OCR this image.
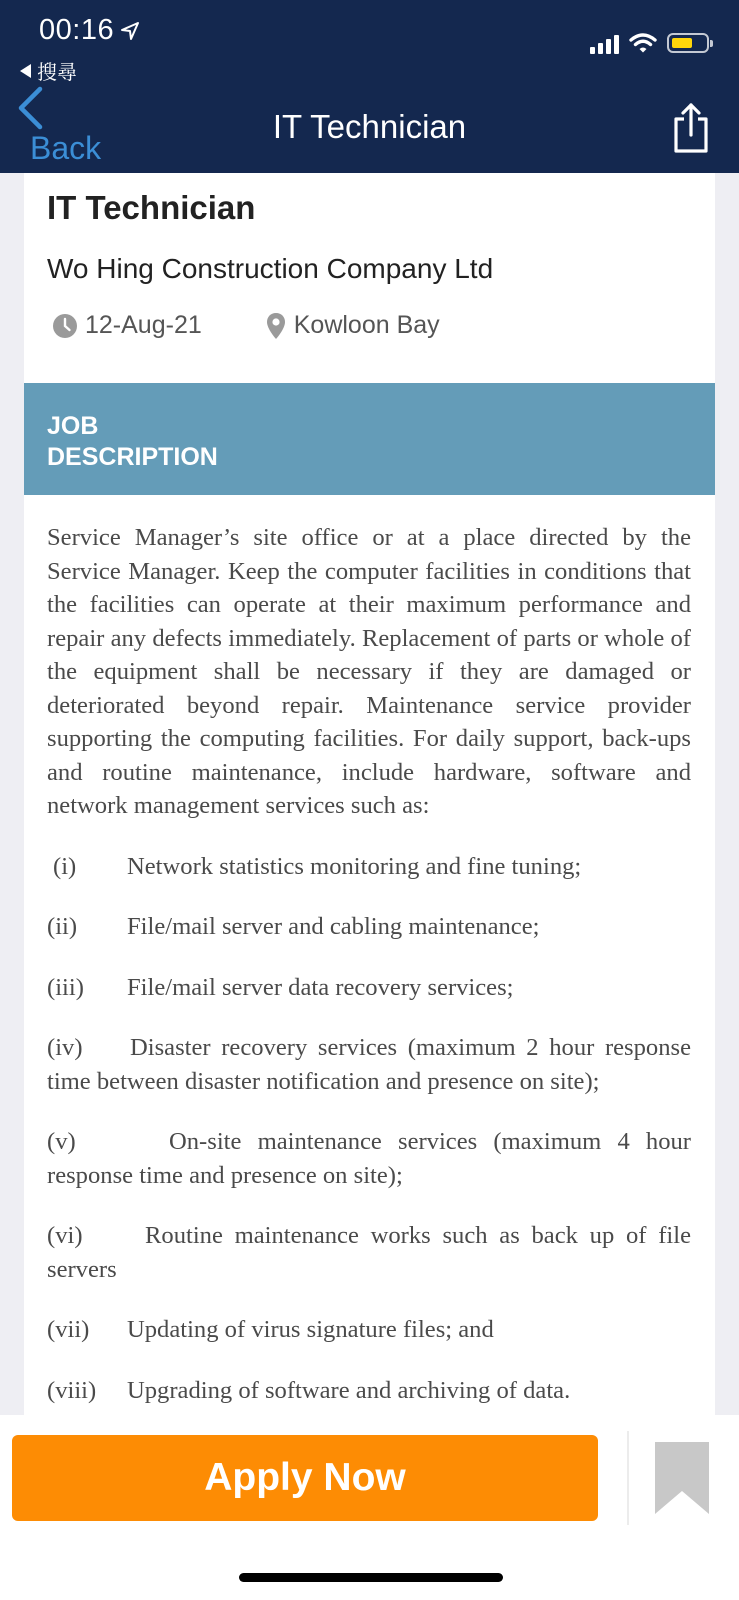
00:16
搜尋
Back
IT Technician
IT Technician
Wo Hing Construction Company Ltd
12-Aug-21	Kowloon Bay
JOB DESCRIPTION

Service Manager’s site office or at a place directed by the Service Manager. Keep the computer facilities in conditions that the facilities can operate at their maximum performance and repair any defects immediately. Replacement of parts or whole of the equipment shall be necessary if they are damaged or deteriorated beyond repair. Maintenance service provider supporting the computing facilities. For daily support, back-ups and routine maintenance, include hardware, software and network management services such as:

(i)	Network statistics monitoring and fine tuning;
(ii)	File/mail server and cabling maintenance;
(iii)	File/mail server data recovery services;
(iv) Disaster recovery services (maximum 2 hour response time between disaster notification and presence on site);
(v)	On-site maintenance services (maximum 4 hour response time and presence on site);
(vi)	Routine maintenance works such as back up of file servers
(vii)	Updating of virus signature files; and
(viii)	Upgrading of software and archiving of data.
Apply Now
